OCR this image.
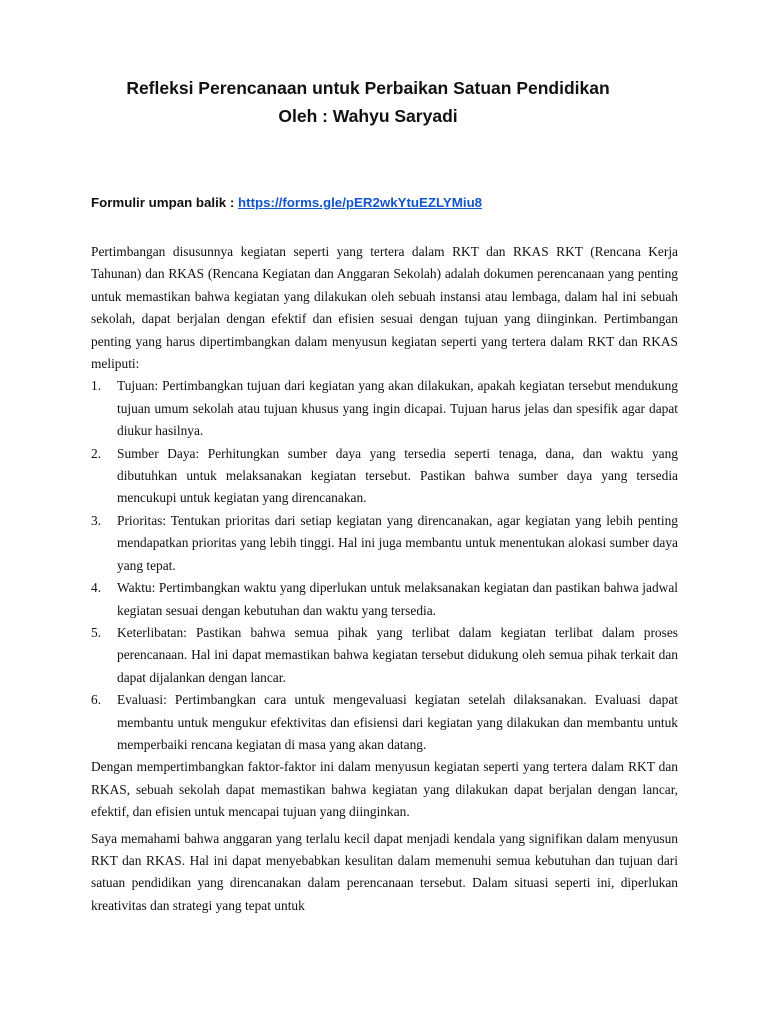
Refleksi Perencanaan untuk Perbaikan Satuan Pendidikan
Oleh : Wahyu Saryadi
Formulir umpan balik : https://forms.gle/pER2wkYtuEZLYMiu8

Pertimbangan disusunnya kegiatan seperti yang tertera dalam RKT dan RKAS RKT (Rencana Kerja Tahunan) dan RKAS (Rencana Kegiatan dan Anggaran Sekolah) adalah dokumen perencanaan yang penting untuk memastikan bahwa kegiatan yang dilakukan oleh sebuah instansi atau lembaga, dalam hal ini sebuah sekolah, dapat berjalan dengan efektif dan efisien sesuai dengan tujuan yang diinginkan. Pertimbangan penting yang harus dipertimbangkan dalam menyusun kegiatan seperti yang tertera dalam RKT dan RKAS meliputi:

1. Tujuan: Pertimbangkan tujuan dari kegiatan yang akan dilakukan, apakah kegiatan tersebut mendukung tujuan umum sekolah atau tujuan khusus yang ingin dicapai. Tujuan harus jelas dan spesifik agar dapat diukur hasilnya.
2. Sumber Daya: Perhitungkan sumber daya yang tersedia seperti tenaga, dana, dan waktu yang dibutuhkan untuk melaksanakan kegiatan tersebut. Pastikan bahwa sumber daya yang tersedia mencukupi untuk kegiatan yang direncanakan.
3. Prioritas: Tentukan prioritas dari setiap kegiatan yang direncanakan, agar kegiatan yang lebih penting mendapatkan prioritas yang lebih tinggi. Hal ini juga membantu untuk menentukan alokasi sumber daya yang tepat.
4. Waktu: Pertimbangkan waktu yang diperlukan untuk melaksanakan kegiatan dan pastikan bahwa jadwal kegiatan sesuai dengan kebutuhan dan waktu yang tersedia.
5. Keterlibatan: Pastikan bahwa semua pihak yang terlibat dalam kegiatan terlibat dalam proses perencanaan. Hal ini dapat memastikan bahwa kegiatan tersebut didukung oleh semua pihak terkait dan dapat dijalankan dengan lancar.
6. Evaluasi: Pertimbangkan cara untuk mengevaluasi kegiatan setelah dilaksanakan. Evaluasi dapat membantu untuk mengukur efektivitas dan efisiensi dari kegiatan yang dilakukan dan membantu untuk memperbaiki rencana kegiatan di masa yang akan datang.

Dengan mempertimbangkan faktor-faktor ini dalam menyusun kegiatan seperti yang tertera dalam RKT dan RKAS, sebuah sekolah dapat memastikan bahwa kegiatan yang dilakukan dapat berjalan dengan lancar, efektif, dan efisien untuk mencapai tujuan yang diinginkan.

Saya memahami bahwa anggaran yang terlalu kecil dapat menjadi kendala yang signifikan dalam menyusun RKT dan RKAS. Hal ini dapat menyebabkan kesulitan dalam memenuhi semua kebutuhan dan tujuan dari satuan pendidikan yang direncanakan dalam perencanaan tersebut. Dalam situasi seperti ini, diperlukan kreativitas dan strategi yang tepat untuk
